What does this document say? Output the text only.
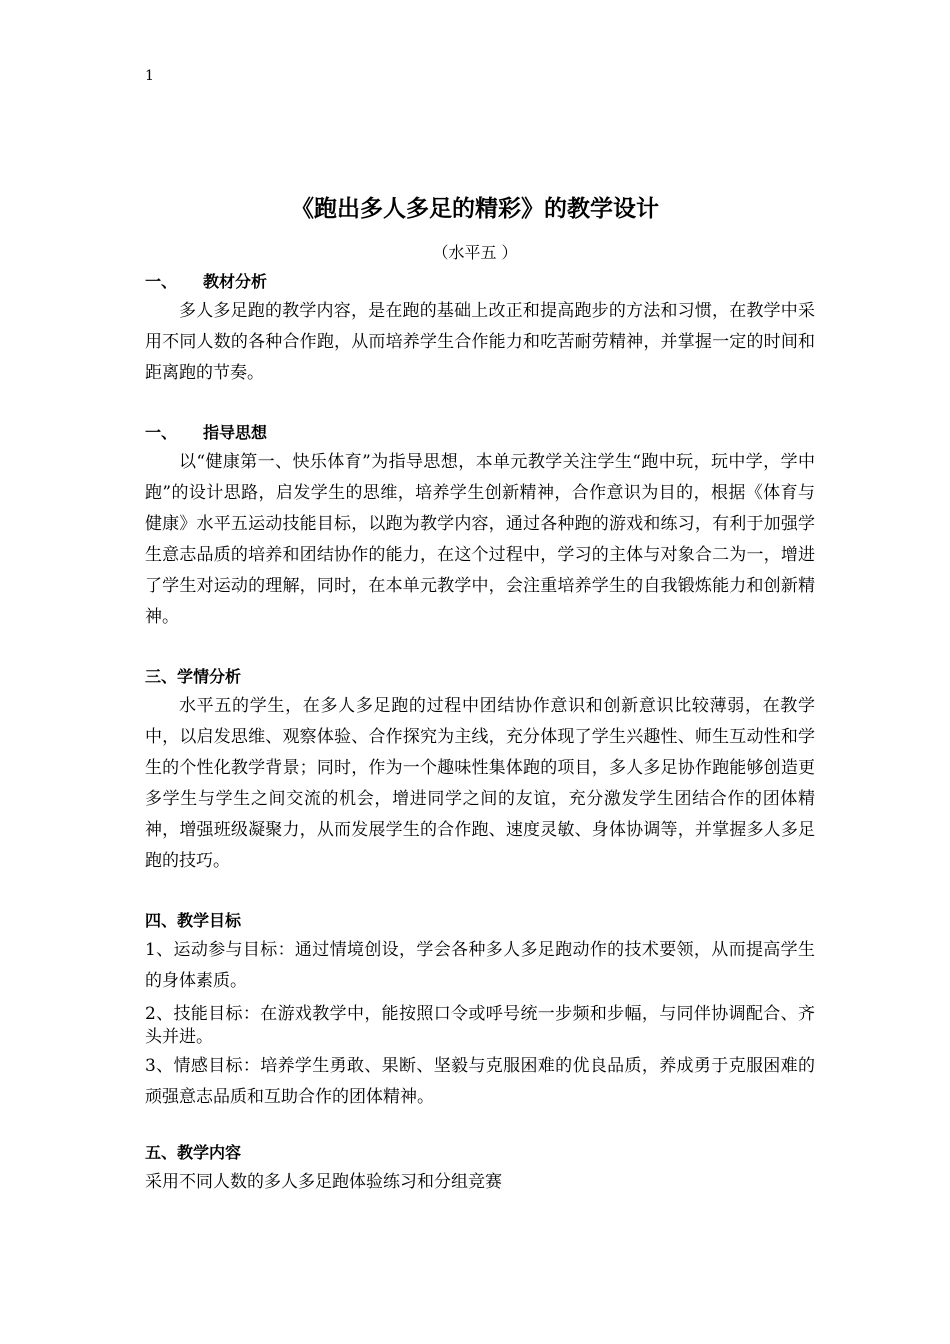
1
《跑出多人多足的精彩》的教学设计
（水平五 ）
一、 教材分析
多人多足跑的教学内容，是在跑的基础上改正和提高跑步的方法和习惯，在教学中采用不同人数的各种合作跑，从而培养学生合作能力和吃苦耐劳精神，并掌握一定的时间和距离跑的节奏。
一、 指导思想
以“健康第一、快乐体育”为指导思想，本单元教学关注学生“跑中玩，玩中学，学中跑”的设计思路，启发学生的思维，培养学生创新精神，合作意识为目的，根据《体育与健康》水平五运动技能目标，以跑为教学内容，通过各种跑的游戏和练习，有利于加强学生意志品质的培养和团结协作的能力，在这个过程中，学习的主体与对象合二为一，增进了学生对运动的理解，同时，在本单元教学中，会注重培养学生的自我锻炼能力和创新精神。
三、学情分析
水平五的学生，在多人多足跑的过程中团结协作意识和创新意识比较薄弱，在教学中，以启发思维、观察体验、合作探究为主线，充分体现了学生兴趣性、师生互动性和学生的个性化教学背景；同时，作为一个趣味性集体跑的项目，多人多足协作跑能够创造更多学生与学生之间交流的机会，增进同学之间的友谊，充分激发学生团结合作的团体精神，增强班级凝聚力，从而发展学生的合作跑、速度灵敏、身体协调等，并掌握多人多足跑的技巧。
四、教学目标
1、运动参与目标：通过情境创设，学会各种多人多足跑动作的技术要领，从而提高学生的身体素质。
2、技能目标：在游戏教学中，能按照口令或呼号统一步频和步幅，与同伴协调配合、齐头并进。
3、情感目标：培养学生勇敢、果断、坚毅与克服困难的优良品质，养成勇于克服困难的顽强意志品质和互助合作的团体精神。
五、教学内容
采用不同人数的多人多足跑体验练习和分组竞赛
